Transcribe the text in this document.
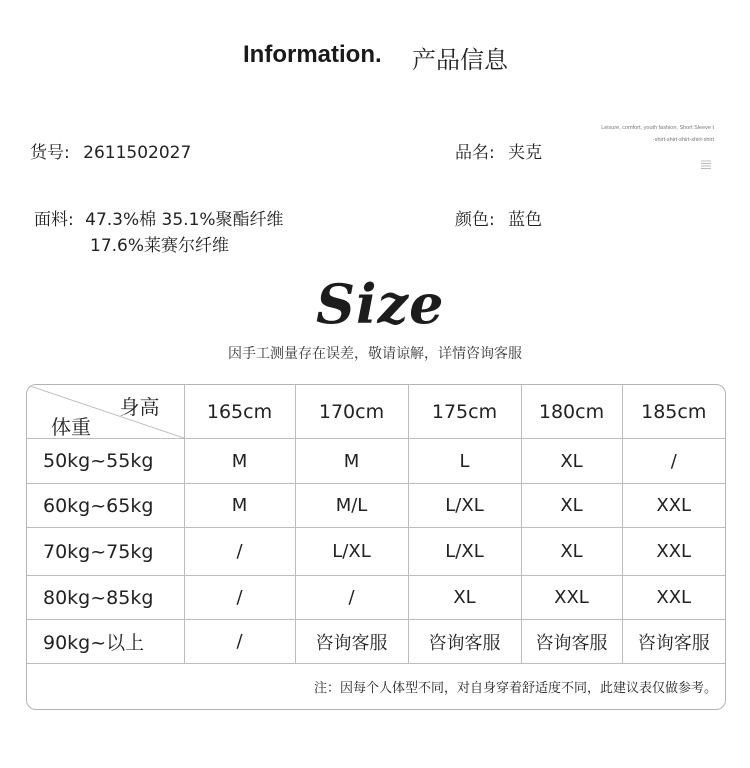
Information. 产品信息
货号: 2611502027	品名: 夹克
面料: 47.3%棉 35.1%聚酯纤维
17.6%莱赛尔纤维
颜色: 蓝色
Leisure, comfort, youth fashion, Short Sleeve t
-shirt-shirt-shirt-shirt-shirt
Size
因手工测量存在误差，敬请谅解，详情咨询客服
身高
体重	165cm	170cm	175cm	180cm	185cm
50kg~55kg	M	M	L	XL	/
60kg~65kg	M	M/L	L/XL	XL	XXL
70kg~75kg	/	L/XL	L/XL	XL	XXL
80kg~85kg	/	/	XL	XXL	XXL
90kg~以上	/	咨询客服	咨询客服	咨询客服	咨询客服
注：因每个人体型不同，对自身穿着舒适度不同，此建议表仅做参考。					
